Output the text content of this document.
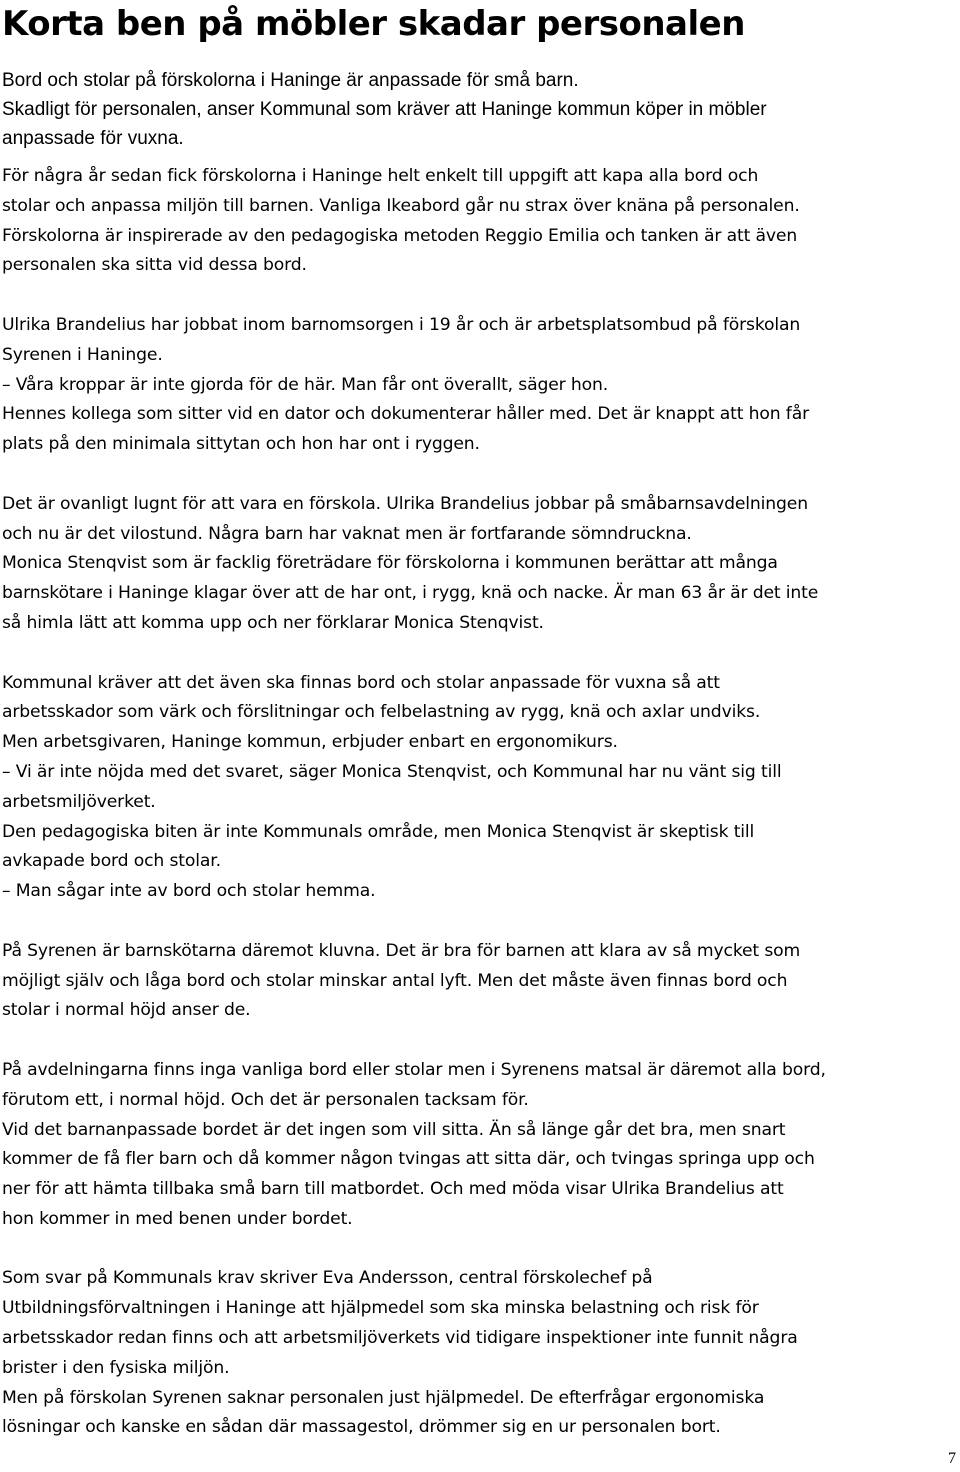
Korta ben på möbler skadar personalen
Bord och stolar på förskolorna i Haninge är anpassade för små barn.
Skadligt för personalen, anser Kommunal som kräver att Haninge kommun köper in möbler
anpassade för vuxna.
För några år sedan fick förskolorna i Haninge helt enkelt till uppgift att kapa alla bord och
stolar och anpassa miljön till barnen. Vanliga Ikeabord går nu strax över knäna på personalen.
Förskolorna är inspirerade av den pedagogiska metoden Reggio Emilia och tanken är att även
personalen ska sitta vid dessa bord.
Ulrika Brandelius har jobbat inom barnomsorgen i 19 år och är arbetsplatsombud på förskolan
Syrenen i Haninge.
– Våra kroppar är inte gjorda för de här. Man får ont överallt, säger hon.
Hennes kollega som sitter vid en dator och dokumenterar håller med. Det är knappt att hon får
plats på den minimala sittytan och hon har ont i ryggen.
Det är ovanligt lugnt för att vara en förskola. Ulrika Brandelius jobbar på småbarnsavdelningen
och nu är det vilostund. Några barn har vaknat men är fortfarande sömndruckna.
Monica Stenqvist som är facklig företrädare för förskolorna i kommunen berättar att många
barnskötare i Haninge klagar över att de har ont, i rygg, knä och nacke. Är man 63 år är det inte
så himla lätt att komma upp och ner förklarar Monica Stenqvist.
Kommunal kräver att det även ska finnas bord och stolar anpassade för vuxna så att
arbetsskador som värk och förslitningar och felbelastning av rygg, knä och axlar undviks.
Men arbetsgivaren, Haninge kommun, erbjuder enbart en ergonomikurs.
– Vi är inte nöjda med det svaret, säger Monica Stenqvist, och Kommunal har nu vänt sig till
arbetsmiljöverket.
Den pedagogiska biten är inte Kommunals område, men Monica Stenqvist är skeptisk till
avkapade bord och stolar.
– Man sågar inte av bord och stolar hemma.
På Syrenen är barnskötarna däremot kluvna. Det är bra för barnen att klara av så mycket som
möjligt själv och låga bord och stolar minskar antal lyft. Men det måste även finnas bord och
stolar i normal höjd anser de.
På avdelningarna finns inga vanliga bord eller stolar men i Syrenens matsal är däremot alla bord,
förutom ett, i normal höjd. Och det är personalen tacksam för.
Vid det barnanpassade bordet är det ingen som vill sitta. Än så länge går det bra, men snart
kommer de få fler barn och då kommer någon tvingas att sitta där, och tvingas springa upp och
ner för att hämta tillbaka små barn till matbordet. Och med möda visar Ulrika Brandelius att
hon kommer in med benen under bordet.
Som svar på Kommunals krav skriver Eva Andersson, central förskolechef på
Utbildningsförvaltningen i Haninge att hjälpmedel som ska minska belastning och risk för
arbetsskador redan finns och att arbetsmiljöverkets vid tidigare inspektioner inte funnit några
brister i den fysiska miljön.
Men på förskolan Syrenen saknar personalen just hjälpmedel. De efterfrågar ergonomiska
lösningar och kanske en sådan där massagestol, drömmer sig en ur personalen bort.
7
